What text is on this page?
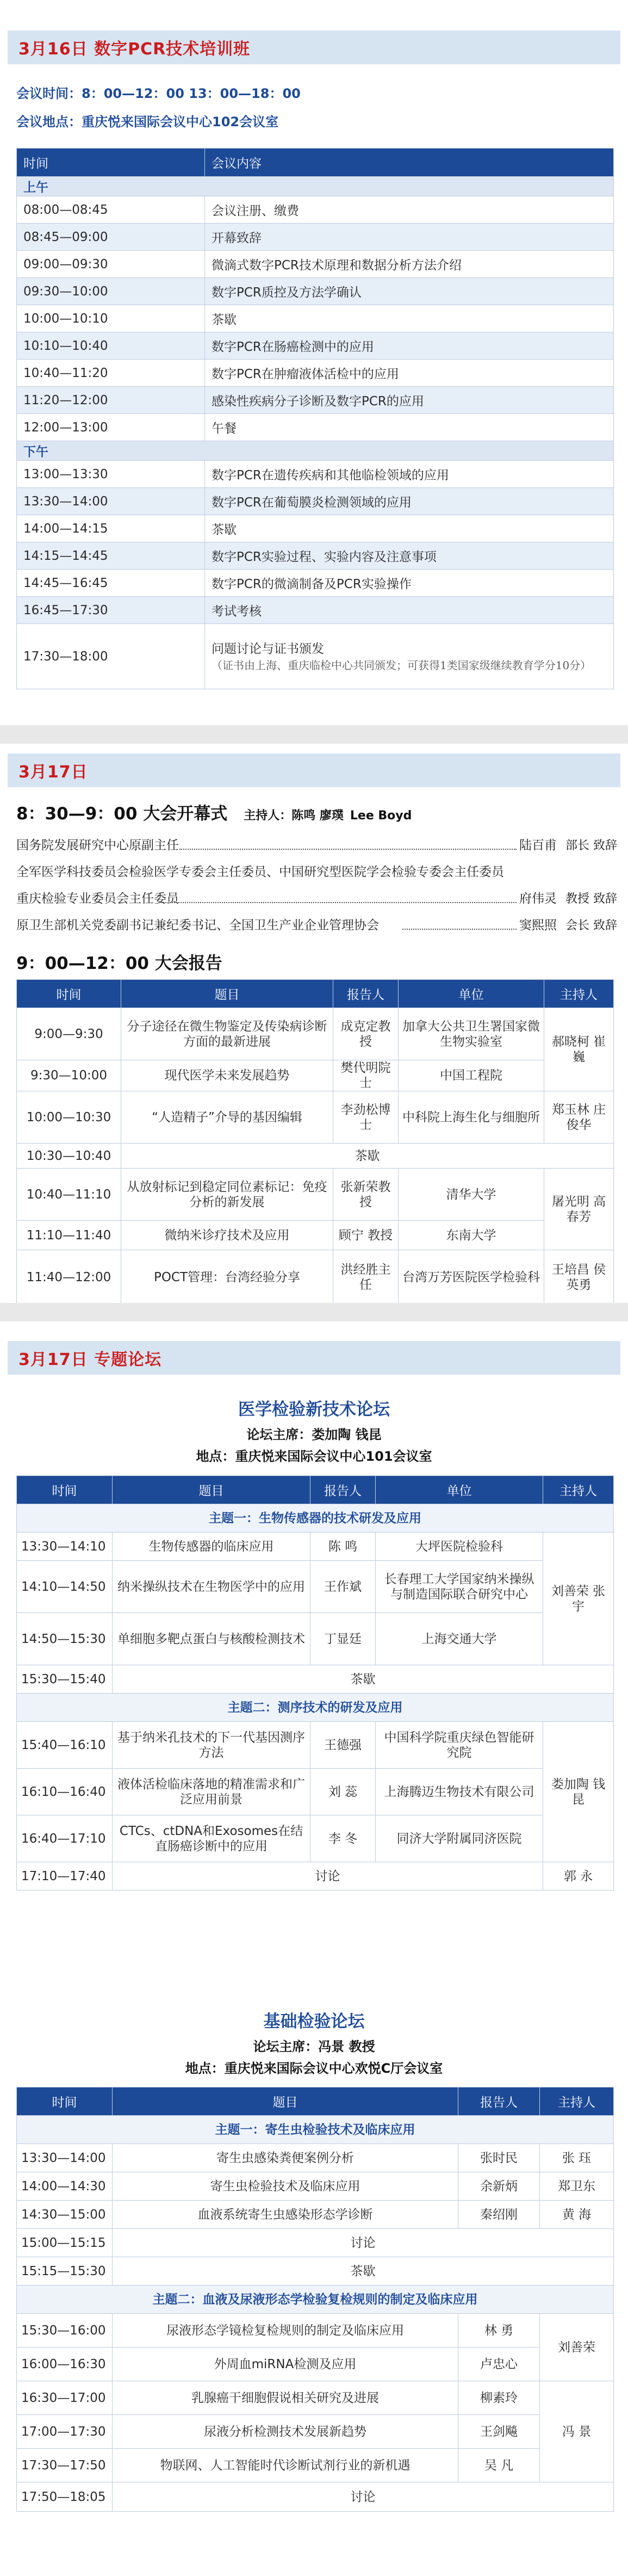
3月16日 数字PCR技术培训班
会议时间：8：00—12：00 13：00—18：00
会议地点：重庆悦来国际会议中心102会议室
时间	会议内容
上午	
08:00—08:45	会议注册、缴费
08:45—09:00	开幕致辞
09:00—09:30	微滴式数字PCR技术原理和数据分析方法介绍
09:30—10:00	数字PCR质控及方法学确认
10:00—10:10	茶歇
10:10—10:40	数字PCR在肠癌检测中的应用
10:40—11:20	数字PCR在肿瘤液体活检中的应用
11:20—12:00	感染性疾病分子诊断及数字PCR的应用
12:00—13:00	午餐
下午	
13:00—13:30	数字PCR在遗传疾病和其他临检领域的应用
13:30—14:00	数字PCR在葡萄膜炎检测领域的应用
14:00—14:15	茶歇
14:15—14:45	数字PCR实验过程、实验内容及注意事项
14:45—16:45	数字PCR的微滴制备及PCR实验操作
16:45—17:30	考试考核
17:30—18:00	问题讨论与证书颁发
（证书由上海、重庆临检中心共同颁发；可获得1类国家级继续教育学分10分）
3月17日
8：30—9：00 大会开幕式 主持人：陈鸣 廖璞 Lee Boyd
国务院发展研究中心原副主任	陆百甫 部长 致辞
全军医学科技委员会检验医学专委会主任委员、中国研究型医院学会检验专委会主任委员
重庆检验专业委员会主任委员	府伟灵 教授 致辞
原卫生部机关党委副书记兼纪委书记、全国卫生产业企业管理协会	窦熙照 会长 致辞
9：00—12：00 大会报告
时间	题目	报告人	单位	主持人
9:00—9:30	分子途径在微生物鉴定及传染病诊断方面的最新进展	成克定教授	加拿大公共卫生署国家微生物实验室	郝晓柯 崔巍
9:30—10:00	现代医学未来发展趋势	樊代明院士	中国工程院	
10:00—10:30	“人造精子”介导的基因编辑	李劲松博士	中科院上海生化与细胞所	郑玉林 庄俊华
10:30—10:40	茶歇			
10:40—11:10	从放射标记到稳定同位素标记：免疫分析的新发展	张新荣教授	清华大学	屠光明 高春芳
11:10—11:40	微纳米诊疗技术及应用	顾宁 教授	东南大学	
11:40—12:00	POCT管理：台湾经验分享	洪经胜主任	台湾万芳医院医学检验科	王培昌 侯英勇
3月17日 专题论坛
医学检验新技术论坛
论坛主席：娄加陶 钱昆
地点：重庆悦来国际会议中心101会议室
时间	题目	报告人	单位	主持人
主题一：生物传感器的技术研发及应用				
13:30—14:10	生物传感器的临床应用	陈 鸣	大坪医院检验科	刘善荣 张 宇
14:10—14:50	纳米操纵技术在生物医学中的应用	王作斌	长春理工大学国家纳米操纵与制造国际联合研究中心	
14:50—15:30	单细胞多靶点蛋白与核酸检测技术	丁显廷	上海交通大学	
15:30—15:40	茶歇			
主题二：测序技术的研发及应用				
15:40—16:10	基于纳米孔技术的下一代基因测序方法	王德强	中国科学院重庆绿色智能研究院	娄加陶 钱 昆
16:10—16:40	液体活检临床落地的精准需求和广泛应用前景	刘 蕊	上海腾迈生物技术有限公司	
16:40—17:10	CTCs、ctDNA和Exosomes在结直肠癌诊断中的应用	李 冬	同济大学附属同济医院	
17:10—17:40	讨论			郭 永
基础检验论坛
论坛主席：冯景 教授
地点：重庆悦来国际会议中心欢悦C厅会议室
时间	题目	报告人	主持人
主题一：寄生虫检验技术及临床应用			
13:30—14:00	寄生虫感染粪便案例分析	张时民	张 珏
14:00—14:30	寄生虫检验技术及临床应用	余新炳	郑卫东
14:30—15:00	血液系统寄生虫感染形态学诊断	秦绍刚	黄 海
15:00—15:15	讨论		
15:15—15:30	茶歇		
主题二：血液及尿液形态学检验复检规则的制定及临床应用			
15:30—16:00	尿液形态学镜检复检规则的制定及临床应用	林 勇	刘善荣
16:00—16:30	外周血miRNA检测及应用	卢忠心	
16:30—17:00	乳腺癌干细胞假说相关研究及进展	柳素玲	冯 景
17:00—17:30	尿液分析检测技术发展新趋势	王剑飚	
17:30—17:50	物联网、人工智能时代诊断试剂行业的新机遇	吴 凡	
17:50—18:05	讨论		
